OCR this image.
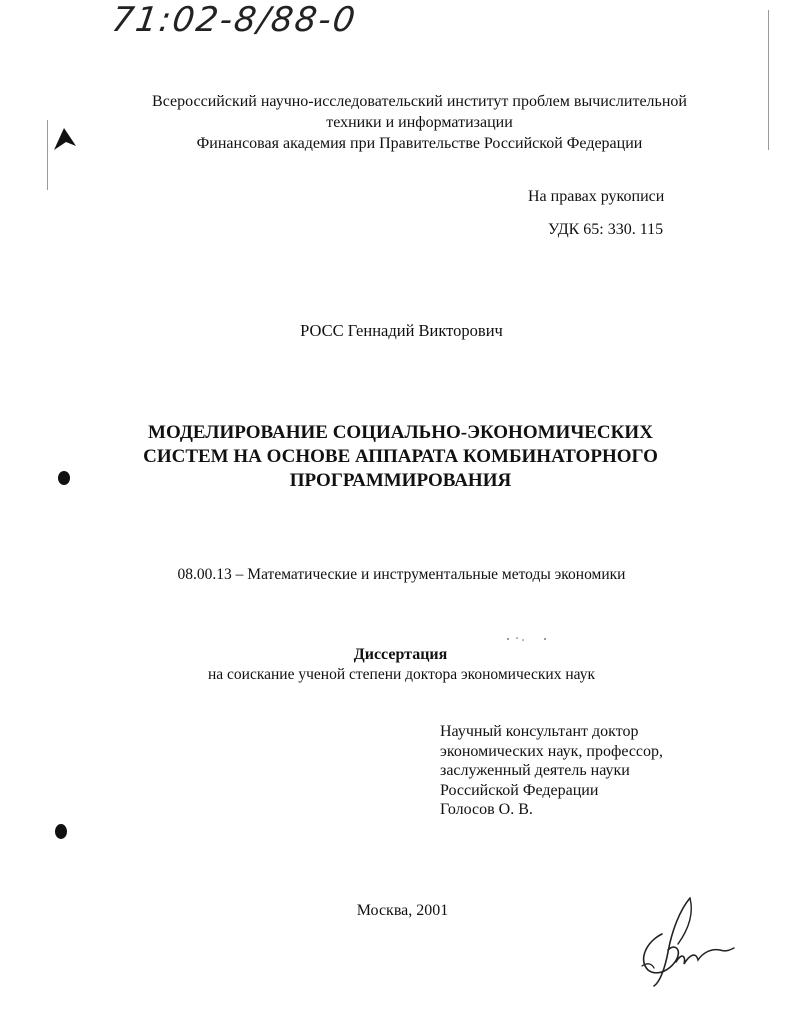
71:02-8/88-0
Всероссийский научно-исследовательский институт проблем вычислительной
техники и информатизации
Финансовая академия при Правительстве Российской Федерации
На правах рукописи
УДК 65: 330. 115
РОСС Геннадий Викторович
МОДЕЛИРОВАНИЕ СОЦИАЛЬНО-ЭКОНОМИЧЕСКИХ
СИСТЕМ НА ОСНОВЕ АППАРАТА КОМБИНАТОРНОГО
ПРОГРАММИРОВАНИЯ
08.00.13 – Математические и инструментальные методы экономики
Диссертация
на соискание ученой степени доктора экономических наук
Научный консультант доктор
экономических наук, профессор,
заслуженный деятель науки
Российской Федерации
Голосов О. В.
Москва, 2001
